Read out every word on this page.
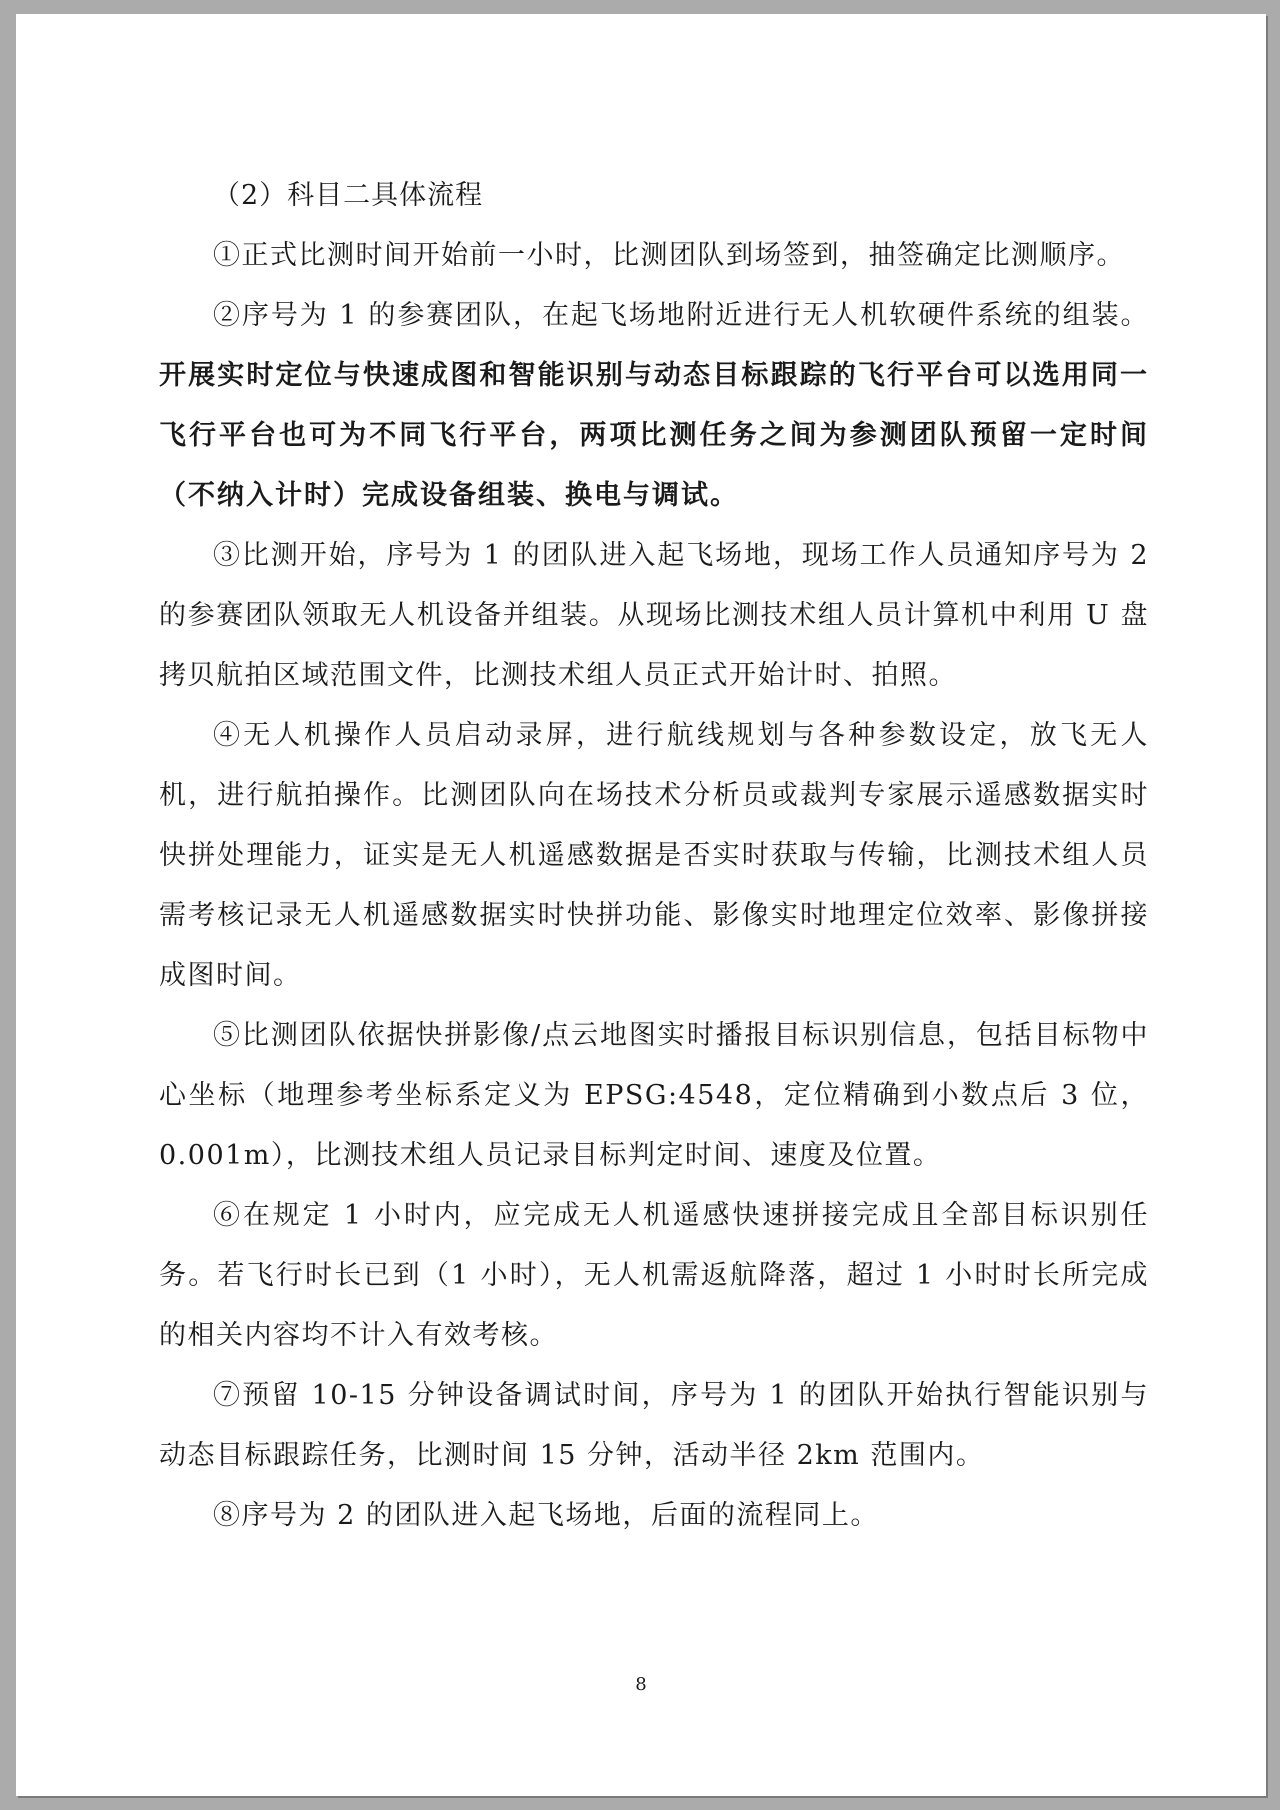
（2）科目二具体流程

①正式比测时间开始前一小时，比测团队到场签到，抽签确定比测顺序。

②序号为 1 的参赛团队，在起飞场地附近进行无人机软硬件系统的组装。开展实时定位与快速成图和智能识别与动态目标跟踪的飞行平台可以选用同一飞行平台也可为不同飞行平台，两项比测任务之间为参测团队预留一定时间（不纳入计时）完成设备组装、换电与调试。

③比测开始，序号为 1 的团队进入起飞场地，现场工作人员通知序号为 2 的参赛团队领取无人机设备并组装。从现场比测技术组人员计算机中利用 U 盘拷贝航拍区域范围文件，比测技术组人员正式开始计时、拍照。

④无人机操作人员启动录屏，进行航线规划与各种参数设定，放飞无人机，进行航拍操作。比测团队向在场技术分析员或裁判专家展示遥感数据实时快拼处理能力，证实是无人机遥感数据是否实时获取与传输，比测技术组人员需考核记录无人机遥感数据实时快拼功能、影像实时地理定位效率、影像拼接成图时间。

⑤比测团队依据快拼影像/点云地图实时播报目标识别信息，包括目标物中心坐标（地理参考坐标系定义为 EPSG:4548，定位精确到小数点后 3 位，0.001m），比测技术组人员记录目标判定时间、速度及位置。

⑥在规定 1 小时内，应完成无人机遥感快速拼接完成且全部目标识别任务。若飞行时长已到（1 小时），无人机需返航降落，超过 1 小时时长所完成的相关内容均不计入有效考核。

⑦预留 10-15 分钟设备调试时间，序号为 1 的团队开始执行智能识别与动态目标跟踪任务，比测时间 15 分钟，活动半径 2km 范围内。

⑧序号为 2 的团队进入起飞场地，后面的流程同上。

8
